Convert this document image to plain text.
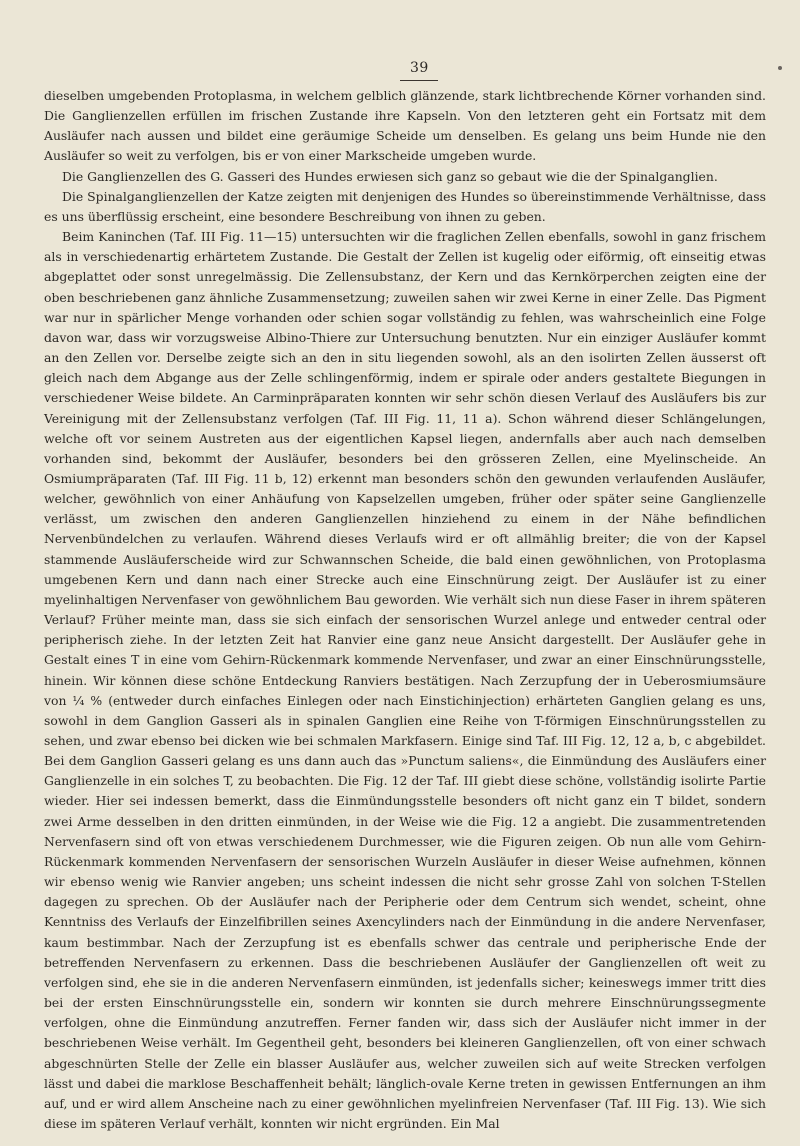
39

dieselben umgebenden Protoplasma, in welchem gelblich glänzende, stark lichtbrechende Körner vorhanden sind. Die Ganglienzellen erfüllen im frischen Zustande ihre Kapseln. Von den letzteren geht ein Fortsatz mit dem Ausläufer nach aussen und bildet eine geräumige Scheide um denselben. Es gelang uns beim Hunde nie den Ausläufer so weit zu verfolgen, bis er von einer Markscheide umgeben wurde.

Die Ganglienzellen des G. Gasseri des Hundes erwiesen sich ganz so gebaut wie die der Spinalganglien.

Die Spinalganglienzellen der Katze zeigten mit denjenigen des Hundes so übereinstimmende Verhältnisse, dass es uns überflüssig erscheint, eine besondere Beschreibung von ihnen zu geben.

Beim Kaninchen (Taf. III Fig. 11—15) untersuchten wir die fraglichen Zellen ebenfalls, sowohl in ganz frischem als in verschiedenartig erhärtetem Zustande. Die Gestalt der Zellen ist kugelig oder eiförmig, oft einseitig etwas abgeplattet oder sonst unregelmässig. Die Zellensubstanz, der Kern und das Kernkörperchen zeigten eine der oben beschriebenen ganz ähnliche Zusammensetzung; zuweilen sahen wir zwei Kerne in einer Zelle. Das Pigment war nur in spärlicher Menge vorhanden oder schien sogar vollständig zu fehlen, was wahrscheinlich eine Folge davon war, dass wir vorzugsweise Albino-Thiere zur Untersuchung benutzten. Nur ein einziger Ausläufer kommt an den Zellen vor. Derselbe zeigte sich an den in situ liegenden sowohl, als an den isolirten Zellen äusserst oft gleich nach dem Abgange aus der Zelle schlingenförmig, indem er spirale oder anders gestaltete Biegungen in verschiedener Weise bildete. An Carminpräparaten konnten wir sehr schön diesen Verlauf des Ausläufers bis zur Vereinigung mit der Zellensubstanz verfolgen (Taf. III Fig. 11, 11 a). Schon während dieser Schlängelungen, welche oft vor seinem Austreten aus der eigentlichen Kapsel liegen, andernfalls aber auch nach demselben vorhanden sind, bekommt der Ausläufer, besonders bei den grösseren Zellen, eine Myelinscheide. An Osmiumpräparaten (Taf. III Fig. 11 b, 12) erkennt man besonders schön den gewunden verlaufenden Ausläufer, welcher, gewöhnlich von einer Anhäufung von Kapselzellen umgeben, früher oder später seine Ganglienzelle verlässt, um zwischen den anderen Ganglienzellen hinziehend zu einem in der Nähe befindlichen Nervenbündelchen zu verlaufen. Während dieses Verlaufs wird er oft allmählig breiter; die von der Kapsel stammende Ausläuferscheide wird zur Schwannschen Scheide, die bald einen gewöhnlichen, von Protoplasma umgebenen Kern und dann nach einer Strecke auch eine Einschnürung zeigt. Der Ausläufer ist zu einer myelinhaltigen Nervenfaser von gewöhnlichem Bau geworden. Wie verhält sich nun diese Faser in ihrem späteren Verlauf? Früher meinte man, dass sie sich einfach der sensorischen Wurzel anlege und entweder central oder peripherisch ziehe. In der letzten Zeit hat Ranvier eine ganz neue Ansicht dargestellt. Der Ausläufer gehe in Gestalt eines T in eine vom Gehirn-Rückenmark kommende Nervenfaser, und zwar an einer Einschnürungsstelle, hinein. Wir können diese schöne Entdeckung Ranviers bestätigen. Nach Zerzupfung der in Ueberosmiumsäure von ¼ % (entweder durch einfaches Einlegen oder nach Einstichinjection) erhärteten Ganglien gelang es uns, sowohl in dem Ganglion Gasseri als in spinalen Ganglien eine Reihe von T-förmigen Einschnürungsstellen zu sehen, und zwar ebenso bei dicken wie bei schmalen Markfasern. Einige sind Taf. III Fig. 12, 12 a, b, c abgebildet. Bei dem Ganglion Gasseri gelang es uns dann auch das »Punctum saliens«, die Einmündung des Ausläufers einer Ganglienzelle in ein solches T, zu beobachten. Die Fig. 12 der Taf. III giebt diese schöne, vollständig isolirte Partie wieder. Hier sei indessen bemerkt, dass die Einmündungsstelle besonders oft nicht ganz ein T bildet, sondern zwei Arme desselben in den dritten einmünden, in der Weise wie die Fig. 12 a angiebt. Die zusammentretenden Nervenfasern sind oft von etwas verschiedenem Durchmesser, wie die Figuren zeigen. Ob nun alle vom Gehirn-Rückenmark kommenden Nervenfasern der sensorischen Wurzeln Ausläufer in dieser Weise aufnehmen, können wir ebenso wenig wie Ranvier angeben; uns scheint indessen die nicht sehr grosse Zahl von solchen T-Stellen dagegen zu sprechen. Ob der Ausläufer nach der Peripherie oder dem Centrum sich wendet, scheint, ohne Kenntniss des Verlaufs der Einzelfibrillen seines Axencylinders nach der Einmündung in die andere Nervenfaser, kaum bestimmbar. Nach der Zerzupfung ist es ebenfalls schwer das centrale und peripherische Ende der betreffenden Nervenfasern zu erkennen. Dass die beschriebenen Ausläufer der Ganglienzellen oft weit zu verfolgen sind, ehe sie in die anderen Nervenfasern einmünden, ist jedenfalls sicher; keineswegs immer tritt dies bei der ersten Einschnürungsstelle ein, sondern wir konnten sie durch mehrere Einschnürungssegmente verfolgen, ohne die Einmündung anzutreffen. Ferner fanden wir, dass sich der Ausläufer nicht immer in der beschriebenen Weise verhält. Im Gegentheil geht, besonders bei kleineren Ganglienzellen, oft von einer schwach abgeschnürten Stelle der Zelle ein blasser Ausläufer aus, welcher zuweilen sich auf weite Strecken verfolgen lässt und dabei die marklose Beschaffenheit behält; länglich-ovale Kerne treten in gewissen Entfernungen an ihm auf, und er wird allem Anscheine nach zu einer gewöhnlichen myelinfreien Nervenfaser (Taf. III Fig. 13). Wie sich diese im späteren Verlauf verhält, konnten wir nicht ergründen. Ein Mal
